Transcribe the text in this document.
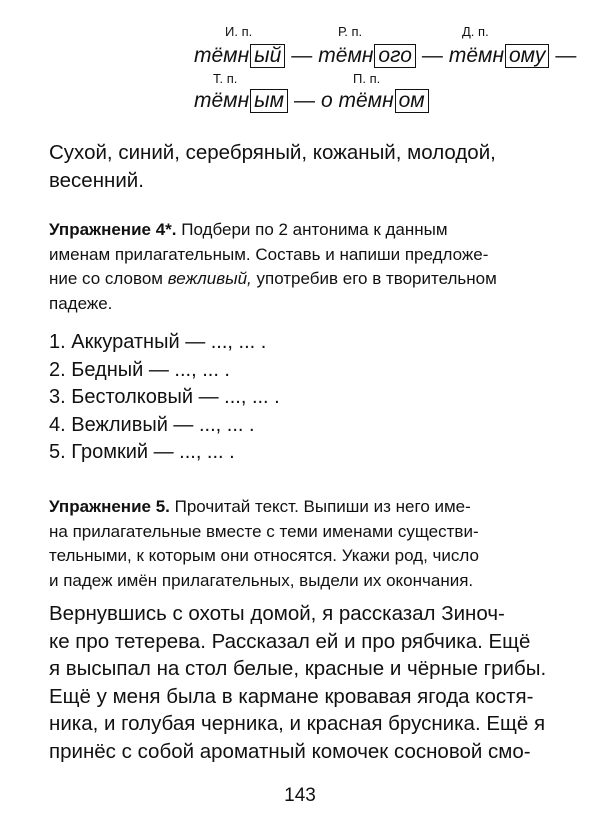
И. п.	Р. п.	Д. п.
тёмн ый — тёмн ого — тёмн ому —
Т. п.	П. п.
тёмн ым — о тёмн ом
Сухой, синий, серебряный, кожаный, молодой,
весенний.
Упражнение 4*. Подбери по 2 антонима к данным
именам прилагательным. Составь и напиши предложе-
ние со словом вежливый, употребив его в творительном
падеже.
1. Аккуратный — ..., ... .
2. Бедный — ..., ... .
3. Бестолковый — ..., ... .
4. Вежливый — ..., ... .
5. Громкий — ..., ... .
Упражнение 5. Прочитай текст. Выпиши из него име-
на прилагательные вместе с теми именами существи-
тельными, к которым они относятся. Укажи род, число
и падеж имён прилагательных, выдели их окончания.
Вернувшись с охоты домой, я рассказал Зиноч-
ке про тетерева. Рассказал ей и про рябчика. Ещё
я высыпал на стол белые, красные и чёрные грибы.
Ещё у меня была в кармане кровавая ягода костя-
ника, и голубая черника, и красная брусника. Ещё я
принёс с собой ароматный комочек сосновой смо-
143
